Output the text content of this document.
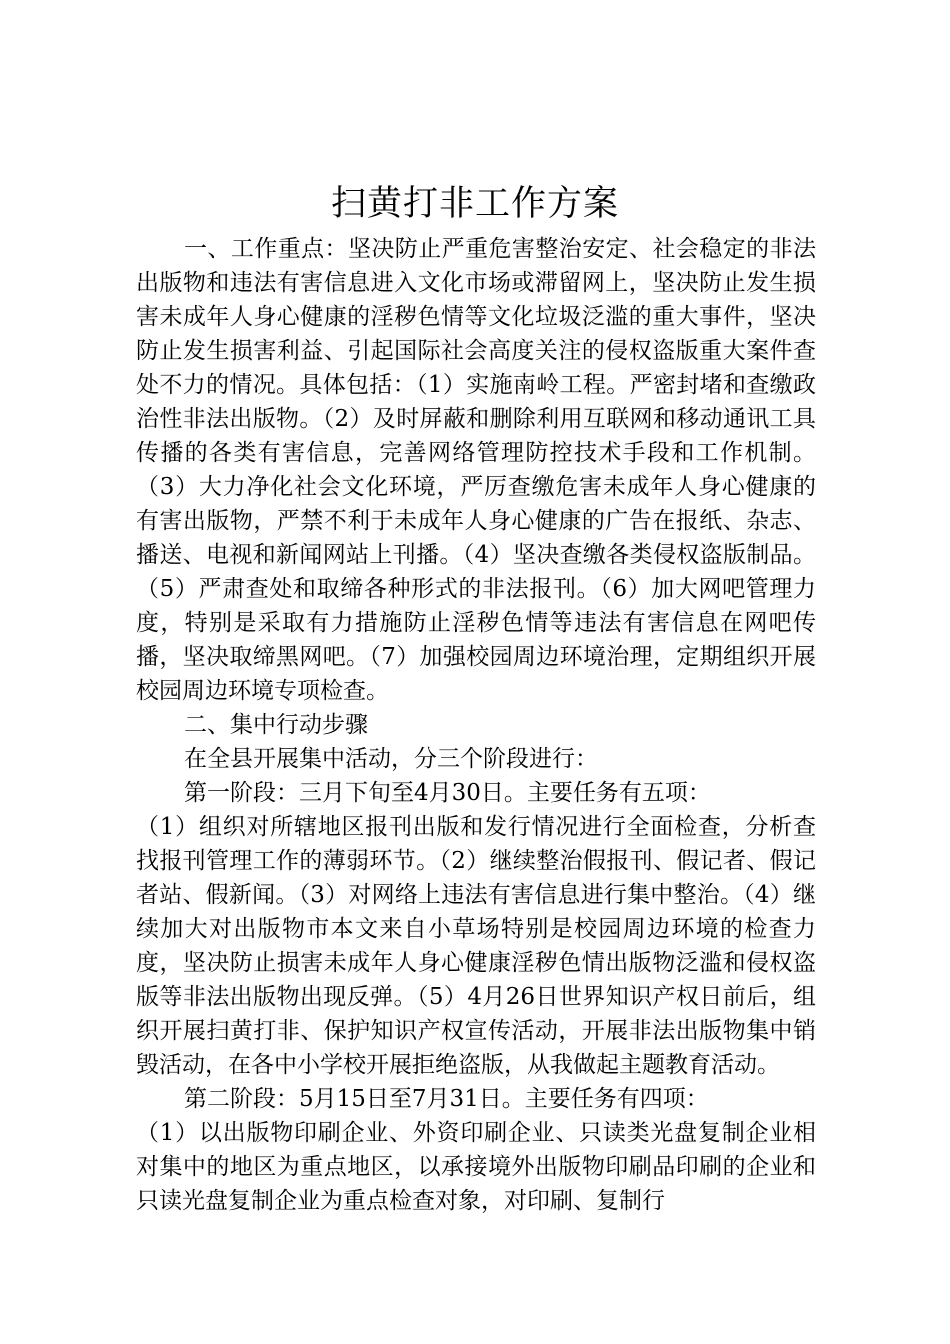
扫黄打非工作方案

一、工作重点：坚决防止严重危害整治安定、社会稳定的非法出版物和违法有害信息进入文化市场或滞留网上，坚决防止发生损害未成年人身心健康的淫秽色情等文化垃圾泛滥的重大事件，坚决防止发生损害利益、引起国际社会高度关注的侵权盗版重大案件查处不力的情况。具体包括：（1）实施南岭工程。严密封堵和查缴政治性非法出版物。（2）及时屏蔽和删除利用互联网和移动通讯工具传播的各类有害信息，完善网络管理防控技术手段和工作机制。（3）大力净化社会文化环境，严厉查缴危害未成年人身心健康的有害出版物，严禁不利于未成年人身心健康的广告在报纸、杂志、播送、电视和新闻网站上刊播。（4）坚决查缴各类侵权盗版制品。（5）严肃查处和取缔各种形式的非法报刊。（6）加大网吧管理力度，特别是采取有力措施防止淫秽色情等违法有害信息在网吧传播，坚决取缔黑网吧。（7）加强校园周边环境治理，定期组织开展校园周边环境专项检查。

二、集中行动步骤

在全县开展集中活动，分三个阶段进行：

第一阶段：三月下旬至4月30日。主要任务有五项：

（1）组织对所辖地区报刊出版和发行情况进行全面检查，分析查找报刊管理工作的薄弱环节。（2）继续整治假报刊、假记者、假记者站、假新闻。（3）对网络上违法有害信息进行集中整治。（4）继续加大对出版物市本文来自小草场特别是校园周边环境的检查力度，坚决防止损害未成年人身心健康淫秽色情出版物泛滥和侵权盗版等非法出版物出现反弹。（5）4月26日世界知识产权日前后，组织开展扫黄打非、保护知识产权宣传活动，开展非法出版物集中销毁活动，在各中小学校开展拒绝盗版，从我做起主题教育活动。

第二阶段：5月15日至7月31日。主要任务有四项：

（1）以出版物印刷企业、外资印刷企业、只读类光盘复制企业相对集中的地区为重点地区，以承接境外出版物印刷品印刷的企业和只读光盘复制企业为重点检查对象，对印刷、复制行
